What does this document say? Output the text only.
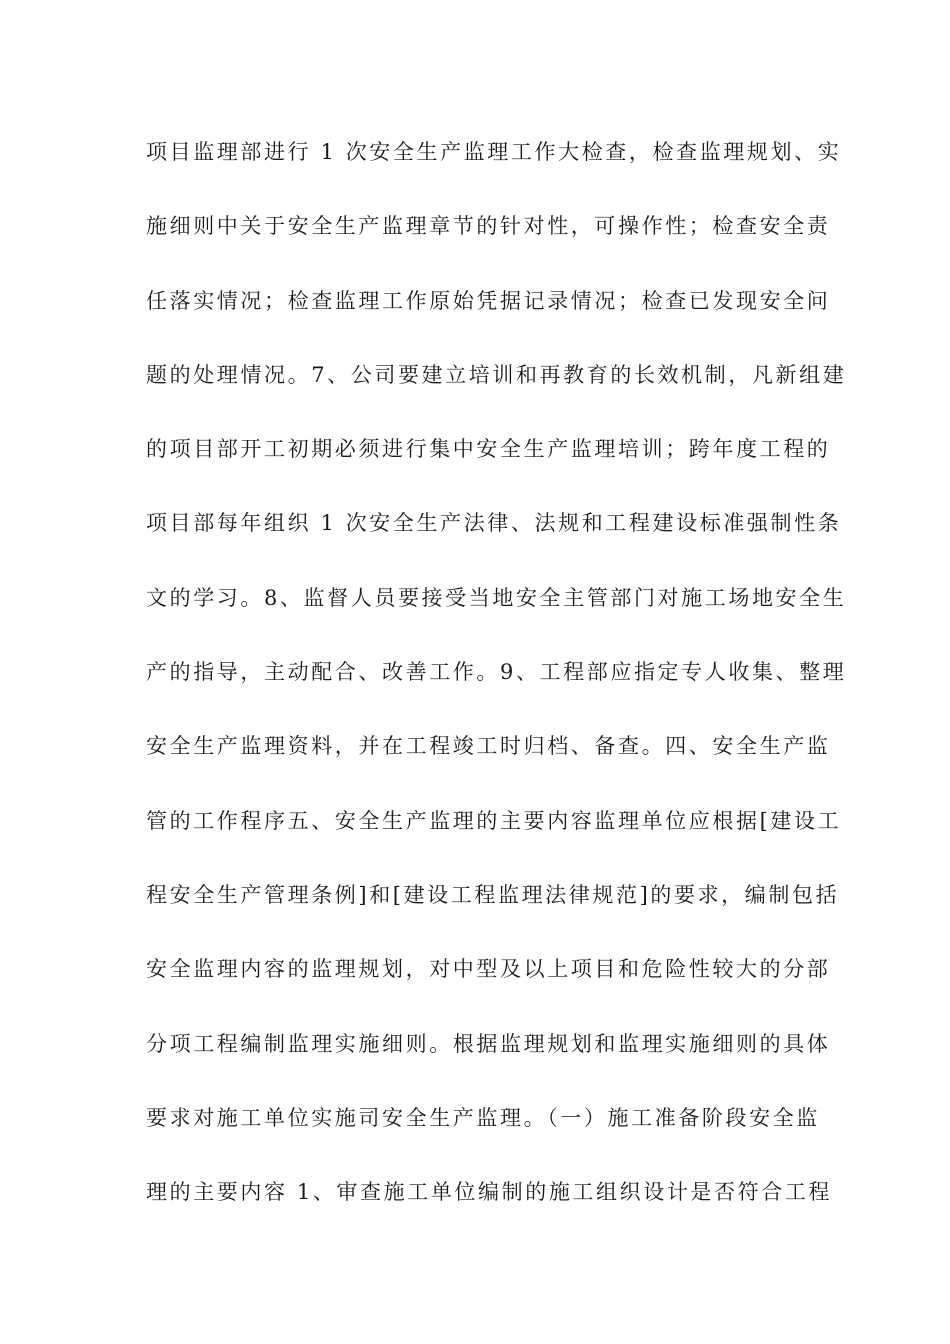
项目监理部进行 1 次安全生产监理工作大检查，检查监理规划、实
施细则中关于安全生产监理章节的针对性，可操作性；检查安全责
任落实情况；检查监理工作原始凭据记录情况；检查已发现安全问
题的处理情况。7、公司要建立培训和再教育的长效机制，凡新组建
的项目部开工初期必须进行集中安全生产监理培训；跨年度工程的
项目部每年组织 1 次安全生产法律、法规和工程建设标准强制性条
文的学习。8、监督人员要接受当地安全主管部门对施工场地安全生
产的指导，主动配合、改善工作。9、工程部应指定专人收集、整理
安全生产监理资料，并在工程竣工时归档、备查。四、安全生产监
管的工作程序五、安全生产监理的主要内容监理单位应根据[建设工
程安全生产管理条例]和[建设工程监理法律规范]的要求，编制包括
安全监理内容的监理规划，对中型及以上项目和危险性较大的分部
分项工程编制监理实施细则。根据监理规划和监理实施细则的具体
要求对施工单位实施司安全生产监理。（一）施工准备阶段安全监
理的主要内容 1、审查施工单位编制的施工组织设计是否符合工程
